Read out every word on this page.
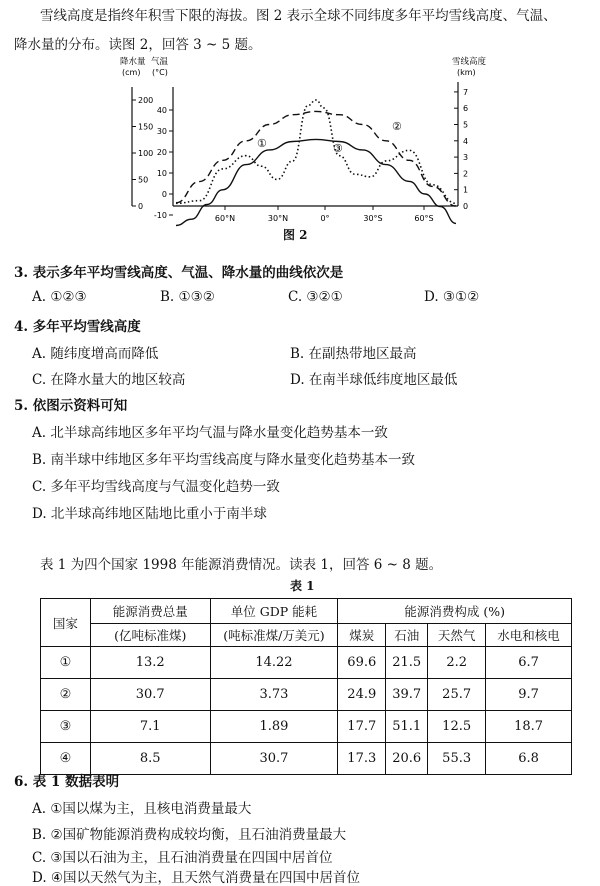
雪线高度是指终年积雪下限的海拔。图 2 表示全球不同纬度多年平均雪线高度、气温、
降水量的分布。读图 2，回答 3 ~ 5 题。
降水量
(cm)
气温
(°C)
雪线高度
(km)
200
150
100
50
0
40
30
20
10
0
-10
7
6
5
4
3
2
1
0
60°N	30°N	0°	30°S	60°S
①
②
③
图 2
3. 表示多年平均雪线高度、气温、降水量的曲线依次是
A. ①②③	B. ①③②	C. ③②①	D. ③①②
4. 多年平均雪线高度
A. 随纬度增高而降低	B. 在副热带地区最高
C. 在降水量大的地区较高	D. 在南半球低纬度地区最低
5. 依图示资料可知
A. 北半球高纬地区多年平均气温与降水量变化趋势基本一致
B. 南半球中纬地区多年平均雪线高度与降水量变化趋势基本一致
C. 多年平均雪线高度与气温变化趋势一致
D. 北半球高纬地区陆地比重小于南半球
表 1 为四个国家 1998 年能源消费情况。读表 1，回答 6 ~ 8 题。
表 1
国家	能源消费总量	单位 GDP 能耗	能源消费构成 (%)			
	(亿吨标准煤)	(吨标准煤/万美元)	煤炭	石油	天然气	水电和核电
①	13.2	14.22	69.6	21.5	2.2	6.7
②	30.7	3.73	24.9	39.7	25.7	9.7
③	7.1	1.89	17.7	51.1	12.5	18.7
④	8.5	30.7	17.3	20.6	55.3	6.8
6. 表 1 数据表明
A. ①国以煤为主，且核电消费量最大
B. ②国矿物能源消费构成较均衡，且石油消费量最大
C. ③国以石油为主，且石油消费量在四国中居首位
D. ④国以天然气为主，且天然气消费量在四国中居首位
